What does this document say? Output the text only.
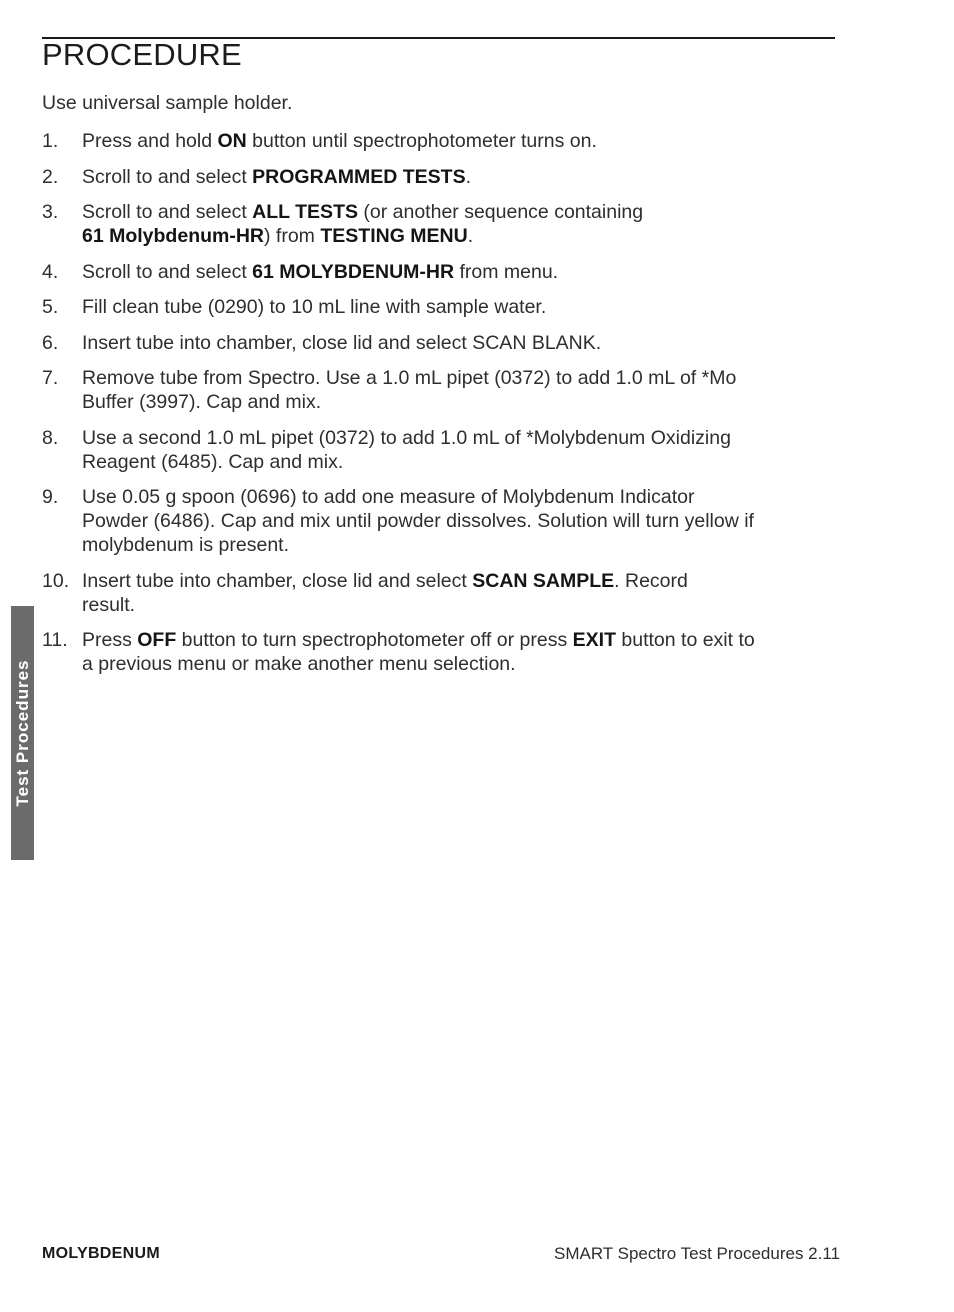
PROCEDURE
Use universal sample holder.
1.	Press and hold ON button until spectrophotometer turns on.
2.	Scroll to and select PROGRAMMED TESTS.
3.	Scroll to and select ALL TESTS (or another sequence containing
61 Molybdenum-HR) from TESTING MENU.
4.	Scroll to and select 61 MOLYBDENUM-HR from menu.
5.	Fill clean tube (0290) to 10 mL line with sample water.
6.	Insert tube into chamber, close lid and select SCAN BLANK.
7.	Remove tube from Spectro. Use a 1.0 mL pipet (0372) to add 1.0 mL of *Mo
Buffer (3997). Cap and mix.
8.	Use a second 1.0 mL pipet (0372) to add 1.0 mL of *Molybdenum Oxidizing
Reagent (6485). Cap and mix.
9.	Use 0.05 g spoon (0696) to add one measure of Molybdenum Indicator
Powder (6486). Cap and mix until powder dissolves. Solution will turn yellow if
molybdenum is present.
10. Insert tube into chamber, close lid and select SCAN SAMPLE. Record
result.
11. Press OFF button to turn spectrophotometer off or press EXIT button to exit to
a previous menu or make another menu selection.
Test Procedures
MOLYBDENUM	SMART Spectro Test Procedures 2.11
